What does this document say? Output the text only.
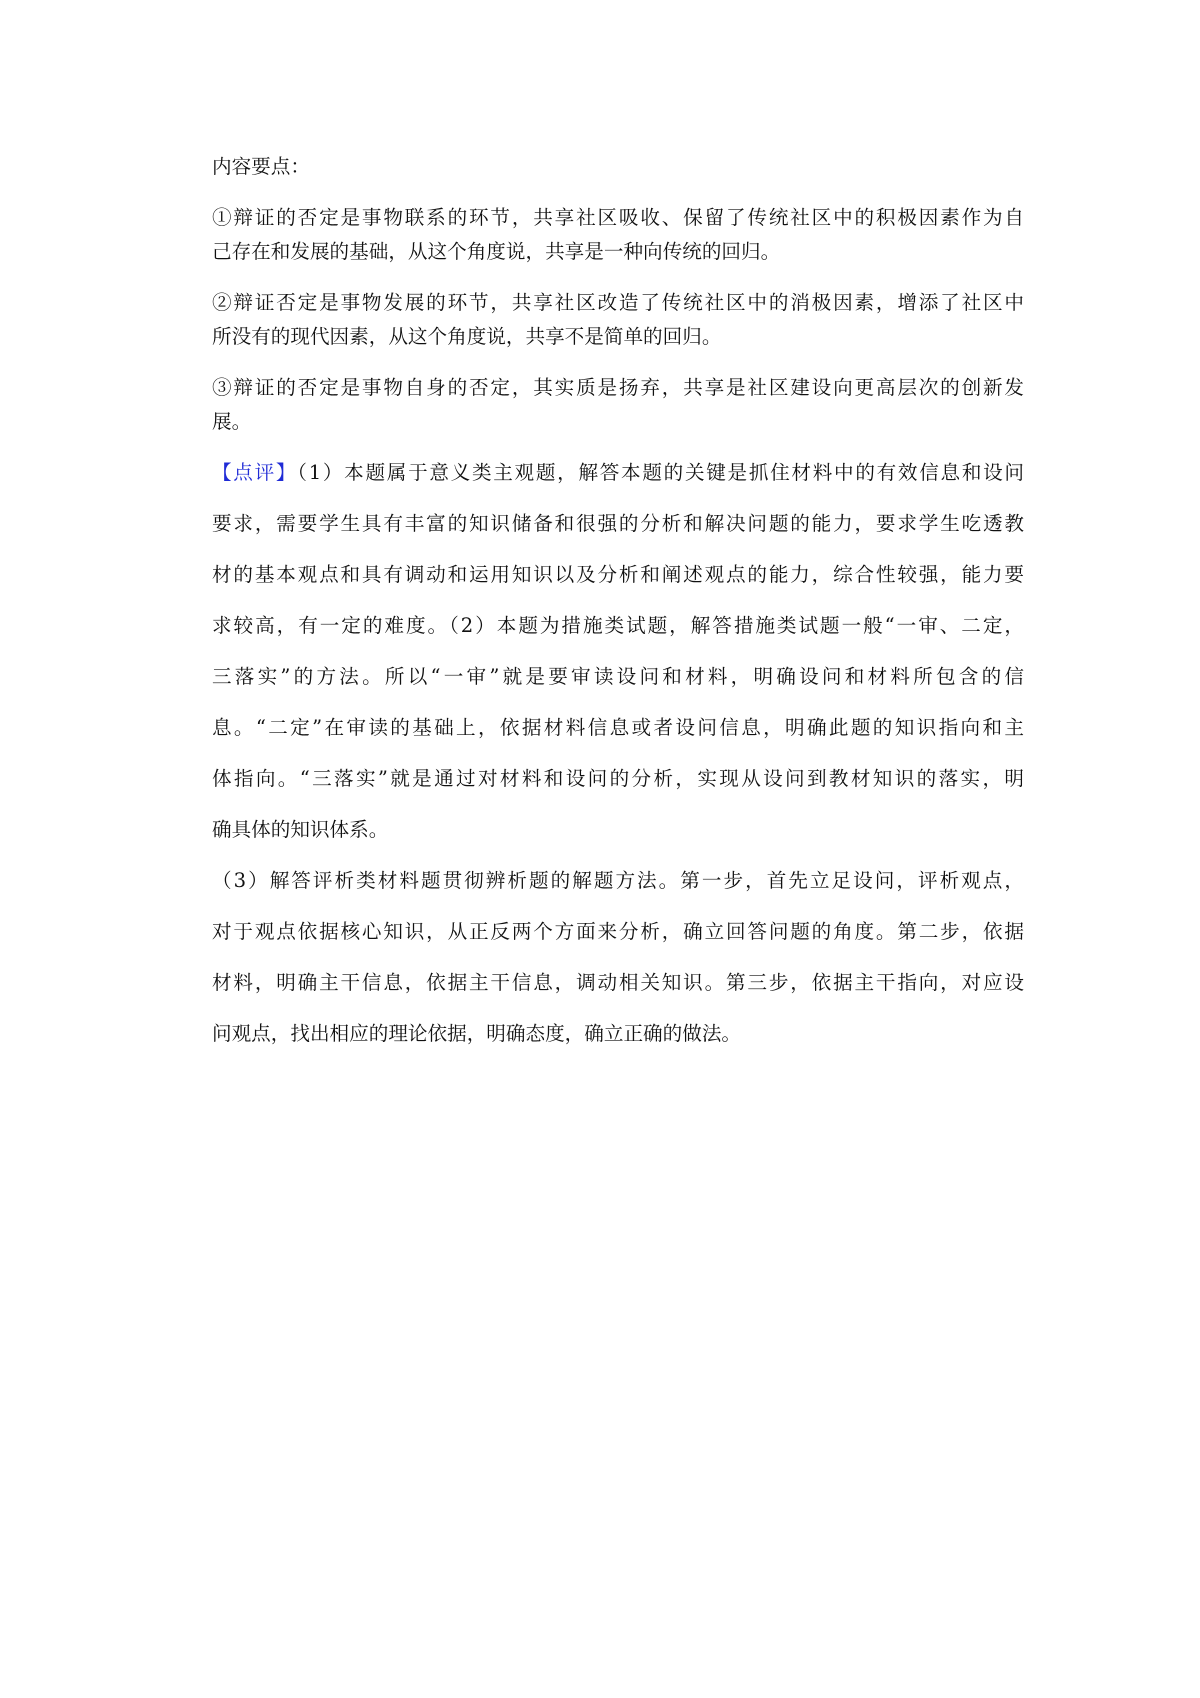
内容要点：

①辩证的否定是事物联系的环节，共享社区吸收、保留了传统社区中的积极因素作为自

己存在和发展的基础，从这个角度说，共享是一种向传统的回归。

②辩证否定是事物发展的环节，共享社区改造了传统社区中的消极因素，增添了社区中

所没有的现代因素，从这个角度说，共享不是简单的回归。

③辩证的否定是事物自身的否定，其实质是扬弃，共享是社区建设向更高层次的创新发

展。

【点评】（1）本题属于意义类主观题，解答本题的关键是抓住材料中的有效信息和设问

要求，需要学生具有丰富的知识储备和很强的分析和解决问题的能力，要求学生吃透教

材的基本观点和具有调动和运用知识以及分析和阐述观点的能力，综合性较强，能力要

求较高，有一定的难度。（2）本题为措施类试题，解答措施类试题一般“一审、二定，

三落实”的方法。所以“一审”就是要审读设问和材料，明确设问和材料所包含的信

息。“二定”在审读的基础上，依据材料信息或者设问信息，明确此题的知识指向和主

体指向。“三落实”就是通过对材料和设问的分析，实现从设问到教材知识的落实，明

确具体的知识体系。

（3）解答评析类材料题贯彻辨析题的解题方法。第一步，首先立足设问，评析观点，

对于观点依据核心知识，从正反两个方面来分析，确立回答问题的角度。第二步，依据

材料，明确主干信息，依据主干信息，调动相关知识。第三步，依据主干指向，对应设

问观点，找出相应的理论依据，明确态度，确立正确的做法。
